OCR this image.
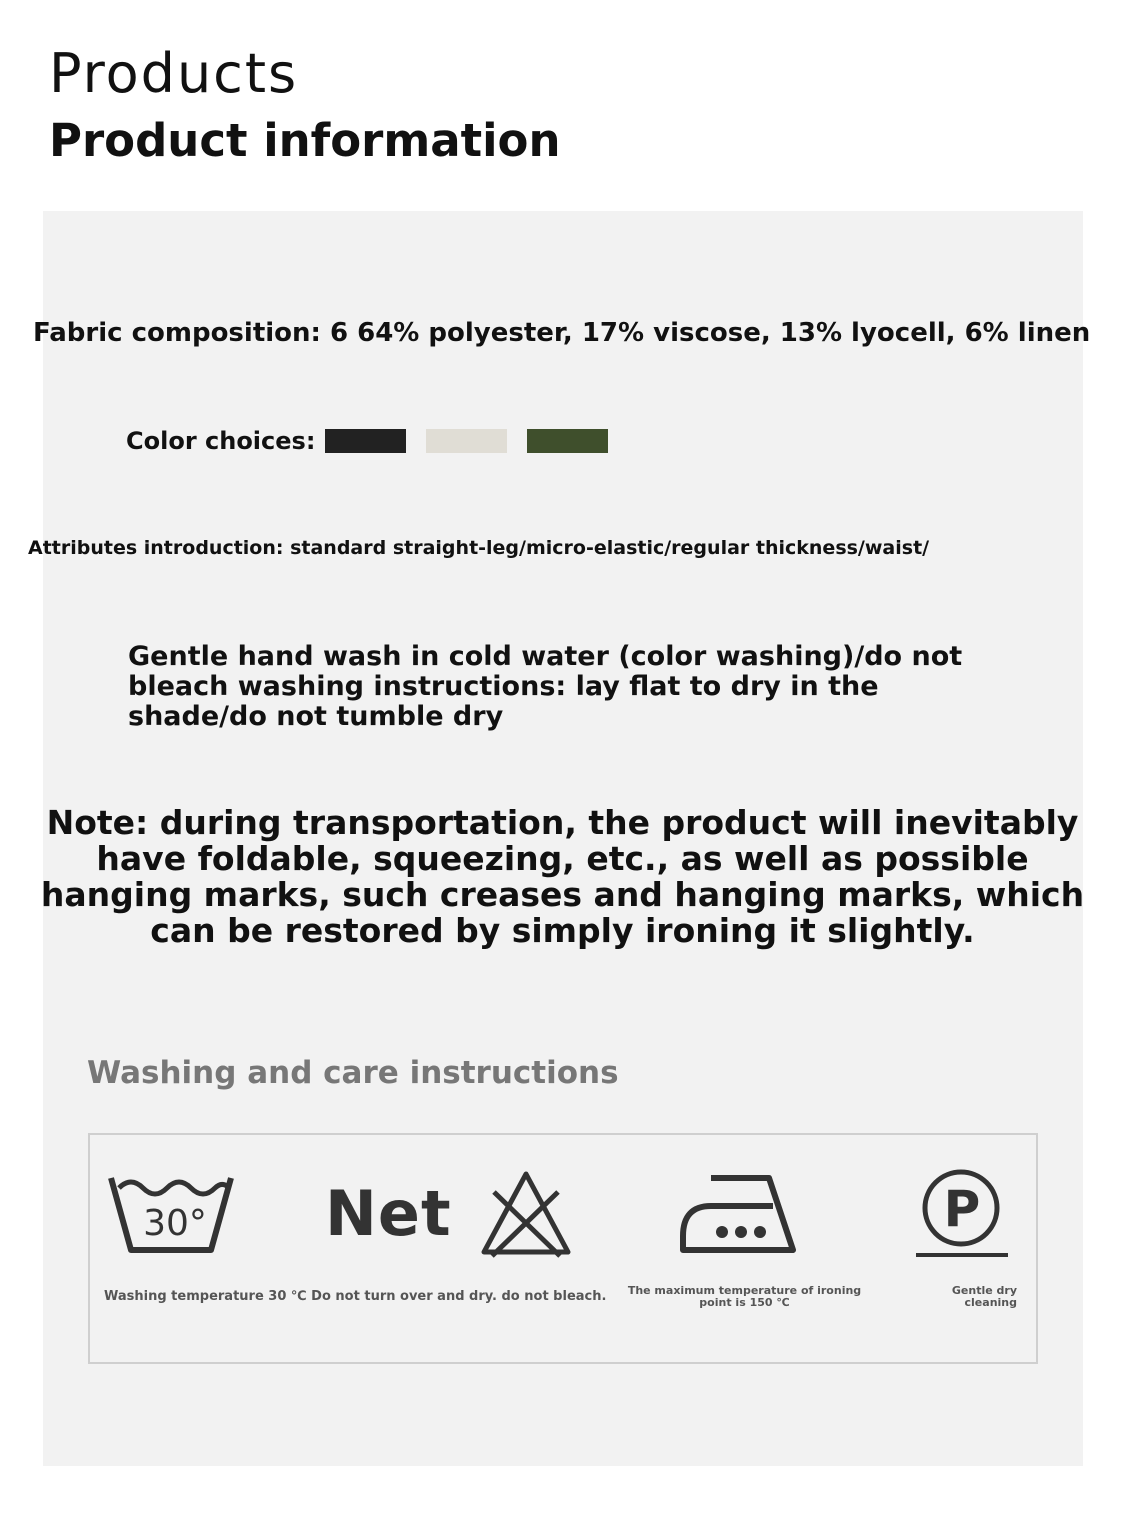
Products
Product information
Fabric composition: 6 64% polyester, 17% viscose, 13% lyocell, 6% linen
Color choices:
Attributes introduction: standard straight-leg/micro-elastic/regular thickness/waist/
Gentle hand wash in cold water (color washing)/do not bleach washing instructions: lay flat to dry in the shade/do not tumble dry
Note: during transportation, the product will inevitably have foldable, squeezing, etc., as well as possible hanging marks, such creases and hanging marks, which can be restored by simply ironing it slightly.
Washing and care instructions
30° Net	P
Washing temperature 30 ℃ Do not turn over and dry. do not bleach.	The maximum temperature of ironing point is 150 ℃
Gentle dry cleaning
